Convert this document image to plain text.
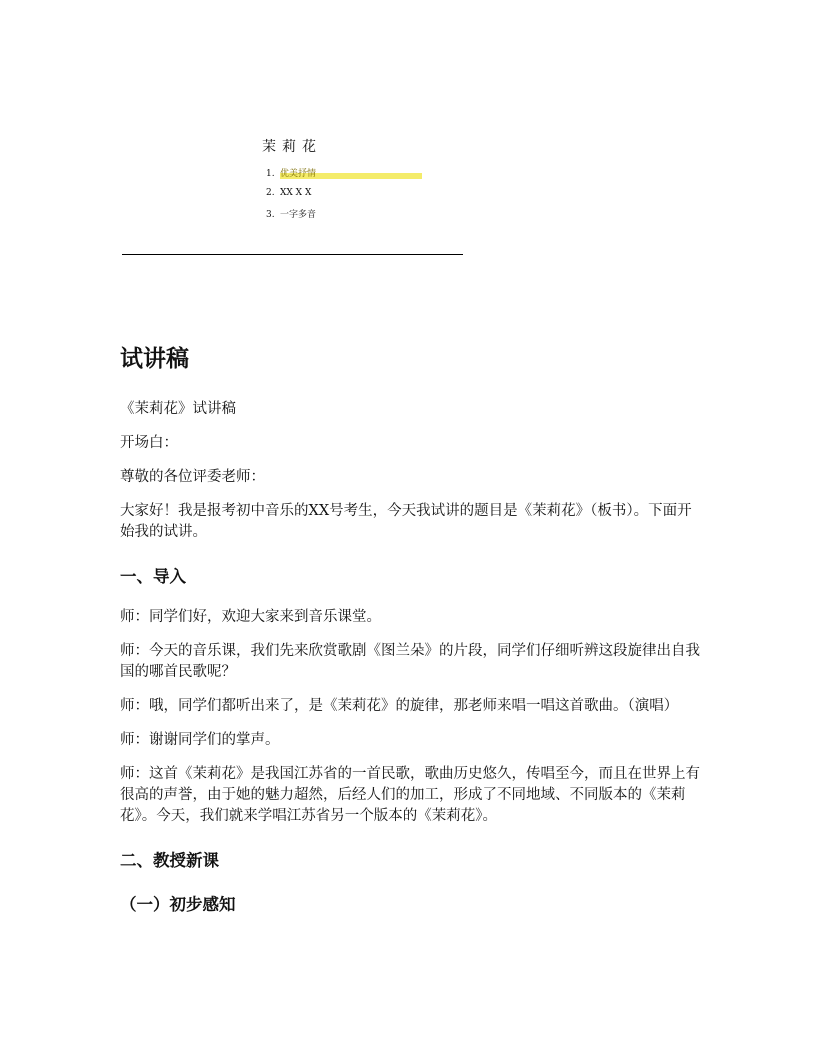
茉莉花
1. 优美抒情
2. XX X X
3. 一字多音
试讲稿

《茉莉花》试讲稿

开场白：

尊敬的各位评委老师：

大家好！我是报考初中音乐的XX号考生，今天我试讲的题目是《茉莉花》（板书）。下面开始我的试讲。

一、导入

师：同学们好，欢迎大家来到音乐课堂。

师：今天的音乐课，我们先来欣赏歌剧《图兰朵》的片段，同学们仔细听辨这段旋律出自我国的哪首民歌呢？

师：哦，同学们都听出来了，是《茉莉花》的旋律，那老师来唱一唱这首歌曲。（演唱）

师：谢谢同学们的掌声。

师：这首《茉莉花》是我国江苏省的一首民歌，歌曲历史悠久，传唱至今，而且在世界上有很高的声誉，由于她的魅力超然，后经人们的加工，形成了不同地域、不同版本的《茉莉花》。今天，我们就来学唱江苏省另一个版本的《茉莉花》。

二、教授新课
（一）初步感知
